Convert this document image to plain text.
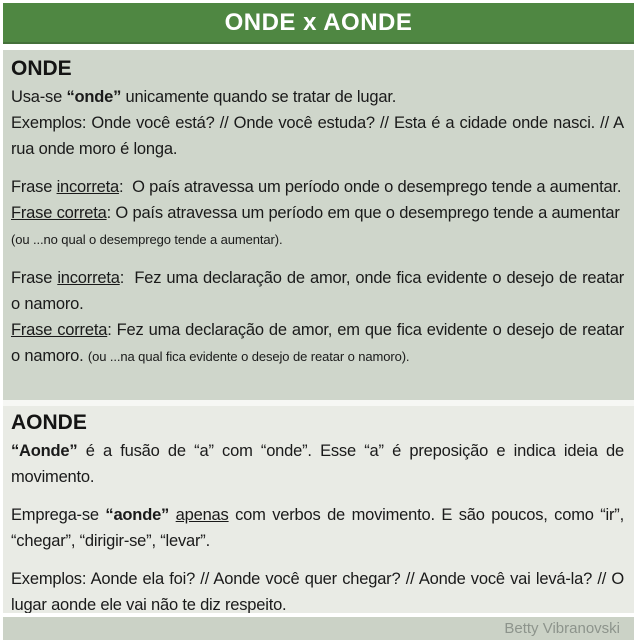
ONDE x AONDE
ONDE

Usa-se “onde” unicamente quando se tratar de lugar.

Exemplos: Onde você está? // Onde você estuda? // Esta é a cidade onde nasci. // A rua onde moro é longa.

Frase incorreta:  O país atravessa um período onde o desemprego tende a aumentar.

Frase correta: O país atravessa um período em que o desemprego tende a aumentar  (ou ...no qual o desemprego tende a aumentar).

Frase incorreta:  Fez uma declaração de amor, onde fica evidente o desejo de reatar o namoro.

Frase correta: Fez uma declaração de amor, em que fica evidente o desejo de reatar o namoro. (ou ...na qual fica evidente o desejo de reatar o namoro).

AONDE

“Aonde” é a fusão de “a” com “onde”. Esse “a” é preposição e indica ideia de movimento.

Emprega-se “aonde” apenas com verbos de movimento. E são poucos, como “ir”, “chegar”, “dirigir-se”, “levar”.

Exemplos: Aonde ela foi? // Aonde você quer chegar? // Aonde você vai levá-la? // O lugar aonde ele vai não te diz respeito.

Betty Vibranovski
